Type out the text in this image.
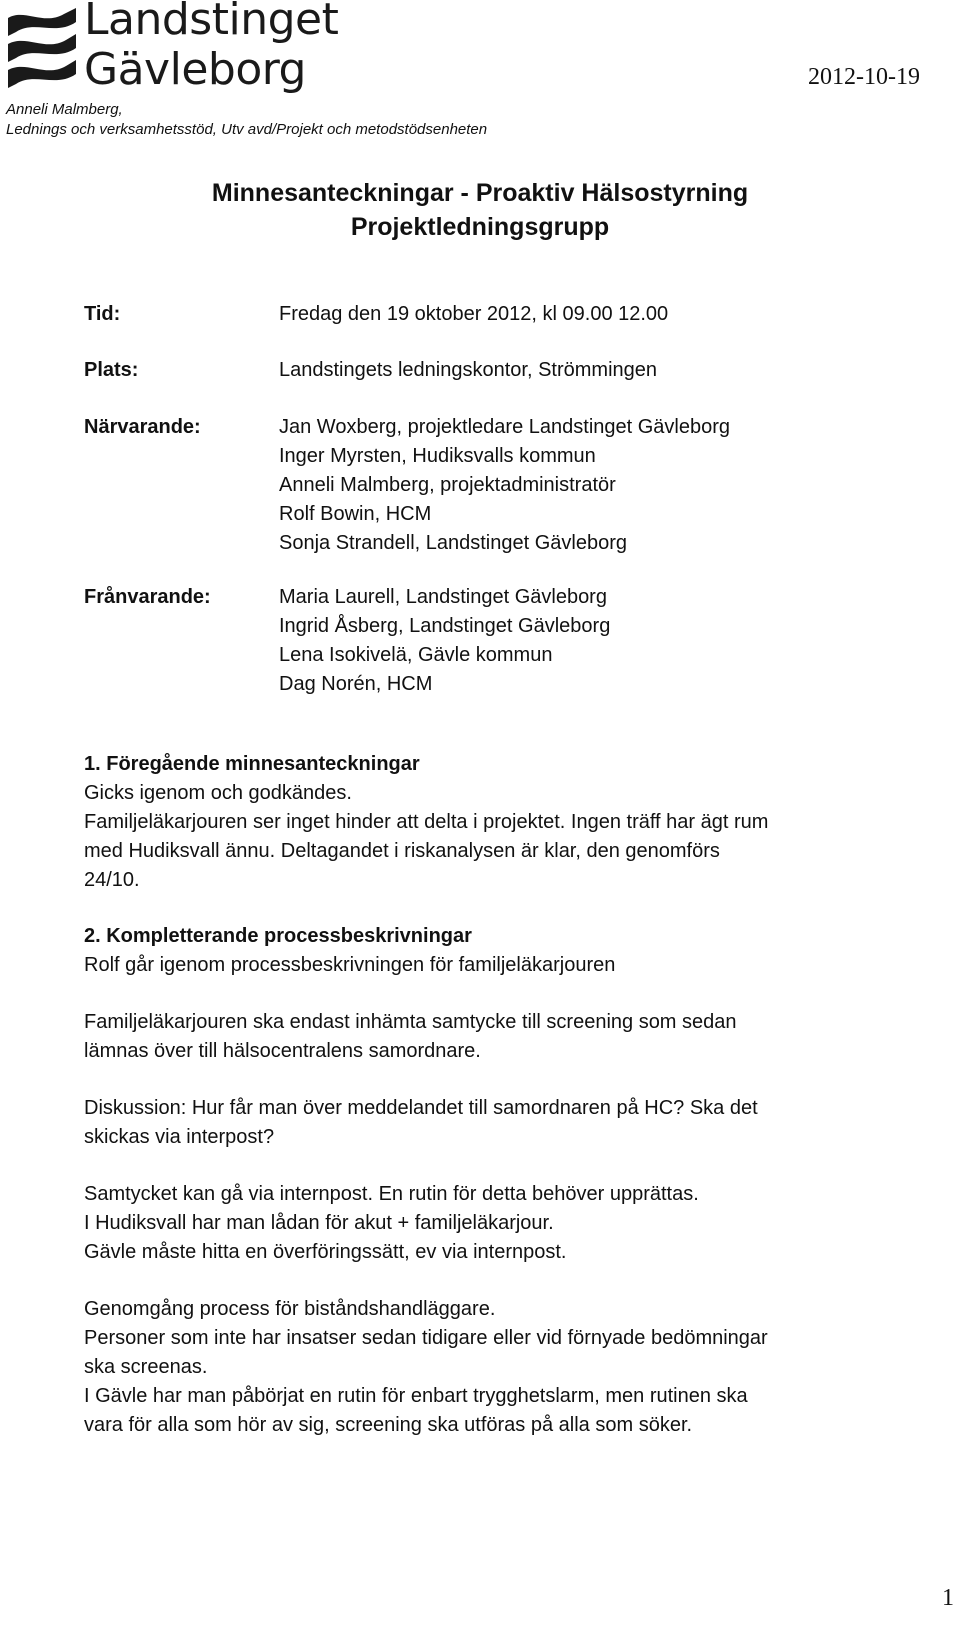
Landstinget
Gävleborg	2012-10-19
Anneli Malmberg,
Lednings och verksamhetsstöd, Utv avd/Projekt och metodstödsenheten
Minnesanteckningar - Proaktiv Hälsostyrning
Projektledningsgrupp
Tid:	Fredag den 19 oktober 2012, kl 09.00 12.00
Plats:	Landstingets ledningskontor, Strömmingen
Närvarande:	Jan Woxberg, projektledare Landstinget Gävleborg
Inger Myrsten, Hudiksvalls kommun
Anneli Malmberg, projektadministratör
Rolf Bowin, HCM
Sonja Strandell, Landstinget Gävleborg
Frånvarande:	Maria Laurell, Landstinget Gävleborg
Ingrid Åsberg, Landstinget Gävleborg
Lena Isokivelä, Gävle kommun
Dag Norén, HCM
1. Föregående minnesanteckningar
Gicks igenom och godkändes.
Familjeläkarjouren ser inget hinder att delta i projektet. Ingen träff har ägt rum
med Hudiksvall ännu. Deltagandet i riskanalysen är klar, den genomförs
24/10.
2. Kompletterande processbeskrivningar
Rolf går igenom processbeskrivningen för familjeläkarjouren
Familjeläkarjouren ska endast inhämta samtycke till screening som sedan
lämnas över till hälsocentralens samordnare.
Diskussion: Hur får man över meddelandet till samordnaren på HC? Ska det
skickas via interpost?
Samtycket kan gå via internpost. En rutin för detta behöver upprättas.
I Hudiksvall har man lådan för akut + familjeläkarjour.
Gävle måste hitta en överföringssätt, ev via internpost.
Genomgång process för biståndshandläggare.
Personer som inte har insatser sedan tidigare eller vid förnyade bedömningar
ska screenas.
I Gävle har man påbörjat en rutin för enbart trygghetslarm, men rutinen ska
vara för alla som hör av sig, screening ska utföras på alla som söker.
1
